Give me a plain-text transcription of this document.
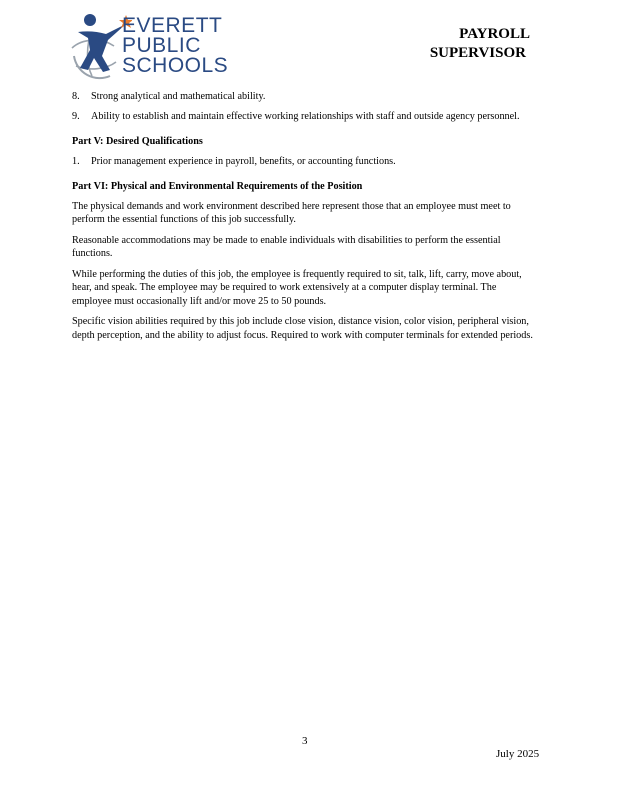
EVERETT
PUBLIC
SCHOOLS
PAYROLL
SUPERVISOR
8.	Strong analytical and mathematical ability.
9.	Ability to establish and maintain effective working relationships with staff and outside agency personnel.
Part V: Desired Qualifications
1.	Prior management experience in payroll, benefits, or accounting functions.
Part VI: Physical and Environmental Requirements of the Position

The physical demands and work environment described here represent those that an employee must meet to perform the essential functions of this job successfully.

Reasonable accommodations may be made to enable individuals with disabilities to perform the essential functions.

While performing the duties of this job, the employee is frequently required to sit, talk, lift, carry, move about, hear, and speak. The employee may be required to work extensively at a computer display terminal. The employee must occasionally lift and/or move 25 to 50 pounds.

Specific vision abilities required by this job include close vision, distance vision, color vision, peripheral vision, depth perception, and the ability to adjust focus. Required to work with computer terminals for extended periods.

3
July 2025
